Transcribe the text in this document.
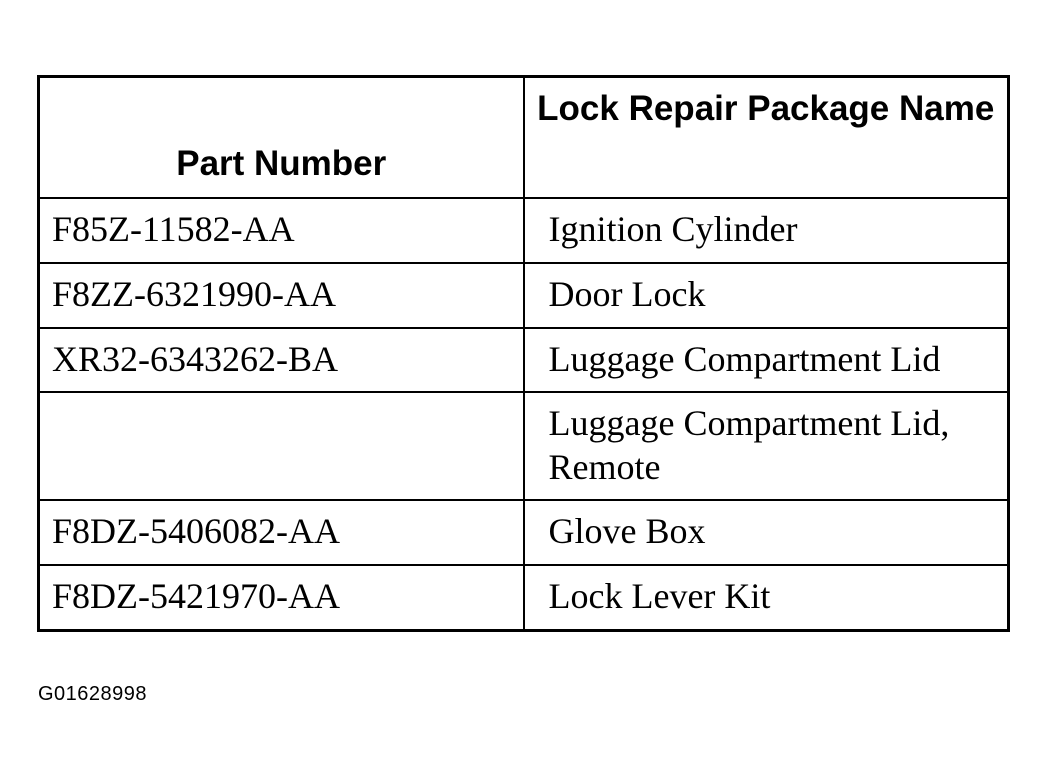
Part Number	Lock Repair Package Name
F85Z-11582-AA	Ignition Cylinder
F8ZZ-6321990-AA	Door Lock
XR32-6343262-BA	Luggage Compartment Lid
	Luggage Compartment Lid, Remote
F8DZ-5406082-AA	Glove Box
F8DZ-5421970-AA	Lock Lever Kit
G01628998
